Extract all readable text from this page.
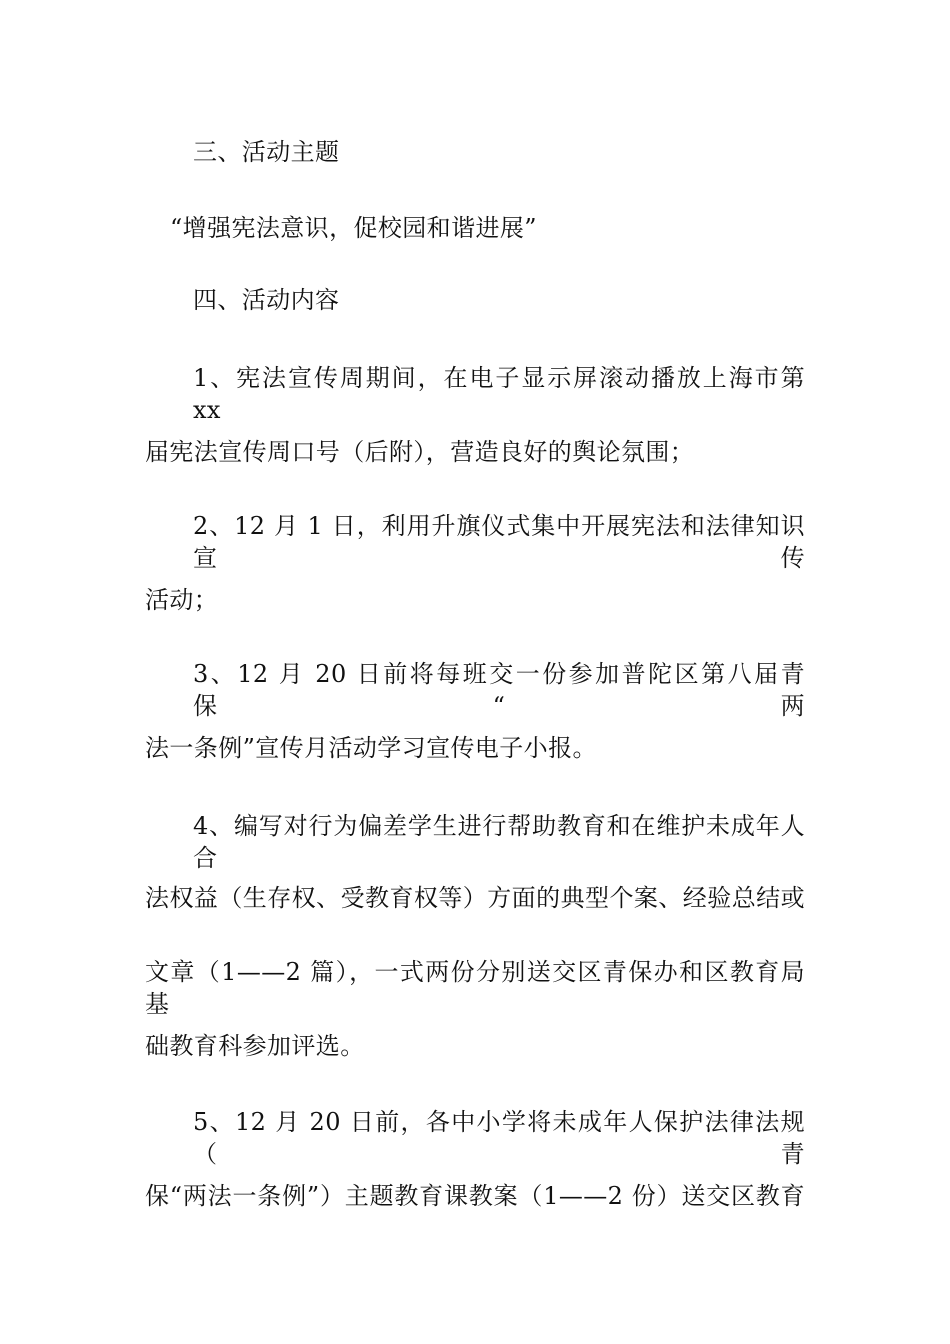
三、活动主题
“增强宪法意识，促校园和谐进展”
四、活动内容
1、宪法宣传周期间，在电子显示屏滚动播放上海市第 xx
届宪法宣传周口号（后附），营造良好的舆论氛围；
2、12 月 1 日，利用升旗仪式集中开展宪法和法律知识宣传
活动；
3、12 月 20 日前将每班交一份参加普陀区第八届青保“两
法一条例”宣传月活动学习宣传电子小报。
4、编写对行为偏差学生进行帮助教育和在维护未成年人合
法权益（生存权、受教育权等）方面的典型个案、经验总结或
文章（1——2 篇），一式两份分别送交区青保办和区教育局基
础教育科参加评选。
5、12 月 20 日前，各中小学将未成年人保护法律法规（青
保“两法一条例”）主题教育课教案（1——2 份）送交区教育
